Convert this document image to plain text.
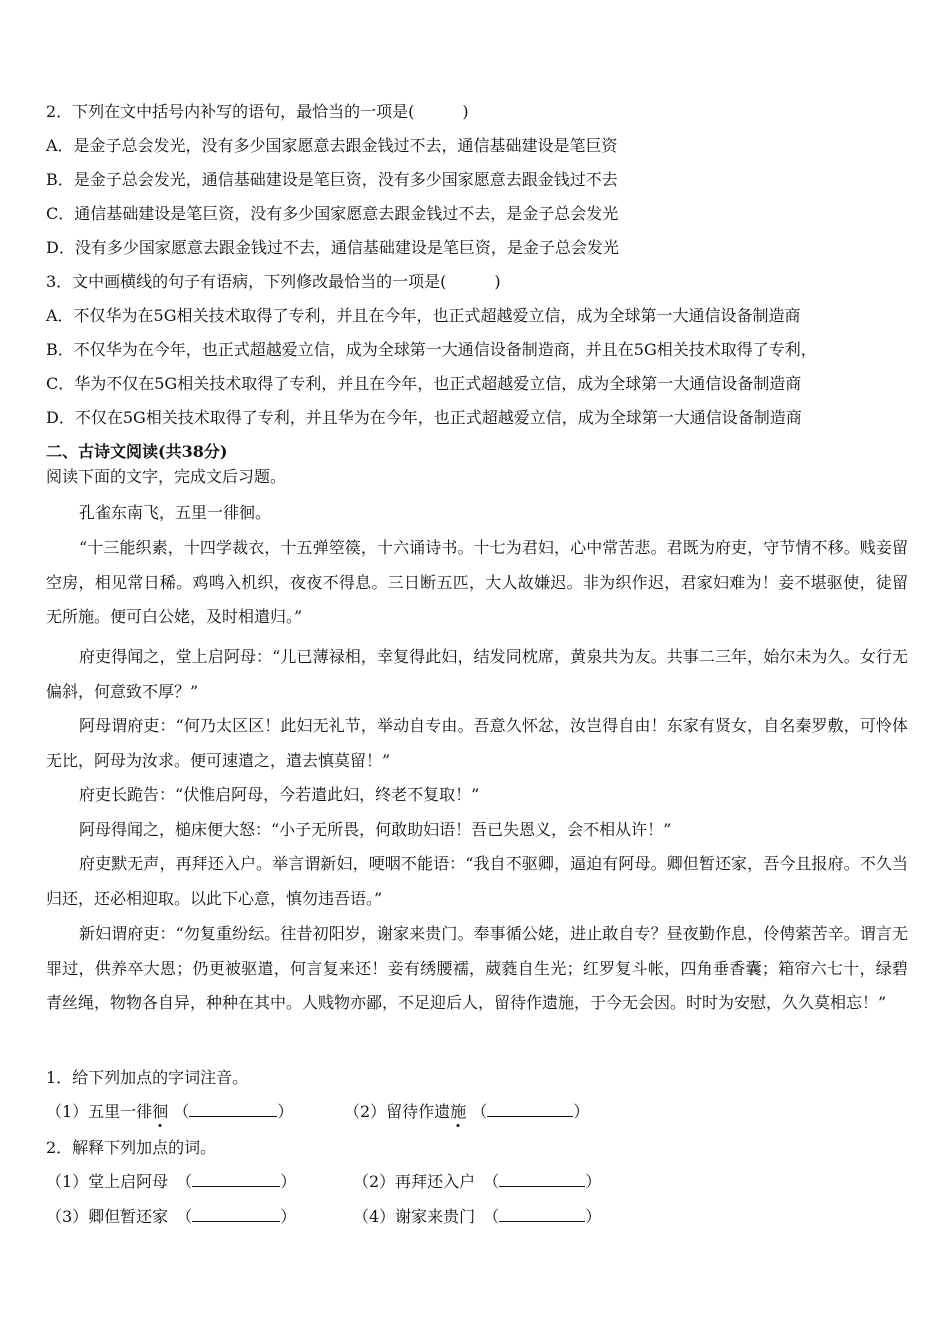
2．下列在文中括号内补写的语句，最恰当的一项是(　　　)
A．是金子总会发光，没有多少国家愿意去跟金钱过不去，通信基础建设是笔巨资
B．是金子总会发光，通信基础建设是笔巨资，没有多少国家愿意去跟金钱过不去
C．通信基础建设是笔巨资，没有多少国家愿意去跟金钱过不去，是金子总会发光
D．没有多少国家愿意去跟金钱过不去，通信基础建设是笔巨资，是金子总会发光
3．文中画横线的句子有语病，下列修改最恰当的一项是(　　　)
A．不仅华为在5G相关技术取得了专利，并且在今年，也正式超越爱立信，成为全球第一大通信设备制造商
B．不仅华为在今年，也正式超越爱立信，成为全球第一大通信设备制造商，并且在5G相关技术取得了专利，
C．华为不仅在5G相关技术取得了专利，并且在今年，也正式超越爱立信，成为全球第一大通信设备制造商
D．不仅在5G相关技术取得了专利，并且华为在今年，也正式超越爱立信，成为全球第一大通信设备制造商
二、古诗文阅读(共38分)
阅读下面的文字，完成文后习题。
孔雀东南飞，五里一徘徊。

“十三能织素，十四学裁衣，十五弹箜篌，十六诵诗书。十七为君妇，心中常苦悲。君既为府吏，守节情不移。贱妾留空房，相见常日稀。鸡鸣入机织，夜夜不得息。三日断五匹，大人故嫌迟。非为织作迟，君家妇难为！妾不堪驱使，徒留无所施。便可白公姥，及时相遣归。”

府吏得闻之，堂上启阿母：“儿已薄禄相，幸复得此妇，结发同枕席，黄泉共为友。共事二三年，始尔未为久。女行无偏斜，何意致不厚？”

阿母谓府吏：“何乃太区区！此妇无礼节，举动自专由。吾意久怀忿，汝岂得自由！东家有贤女，自名秦罗敷，可怜体无比，阿母为汝求。便可速遣之，遣去慎莫留！”

府吏长跪告：“伏惟启阿母，今若遣此妇，终老不复取！”

阿母得闻之，槌床便大怒：“小子无所畏，何敢助妇语！吾已失恩义，会不相从许！”

府吏默无声，再拜还入户。举言谓新妇，哽咽不能语：“我自不驱卿，逼迫有阿母。卿但暂还家，吾今且报府。不久当归还，还必相迎取。以此下心意，慎勿违吾语。”

新妇谓府吏：“勿复重纷纭。往昔初阳岁，谢家来贵门。奉事循公姥，进止敢自专？昼夜勤作息，伶俜萦苦辛。谓言无罪过，供养卒大恩；仍更被驱遣，何言复来还！妾有绣腰襦，葳蕤自生光；红罗复斗帐，四角垂香囊；箱帘六七十，绿碧青丝绳，物物各自异，种种在其中。人贱物亦鄙，不足迎后人，留待作遗施，于今无会因。时时为安慰，久久莫相忘！”

1．给下列加点的字词注音。
（1）五里一徘徊 （	）	（2）留待作遗施 （	）
2．解释下列加点的词。
（1）堂上启阿母　（	）	（2）再拜还入户　（	）
（3）卿但暂还家　（	）	（4）谢家来贵门　（	）
